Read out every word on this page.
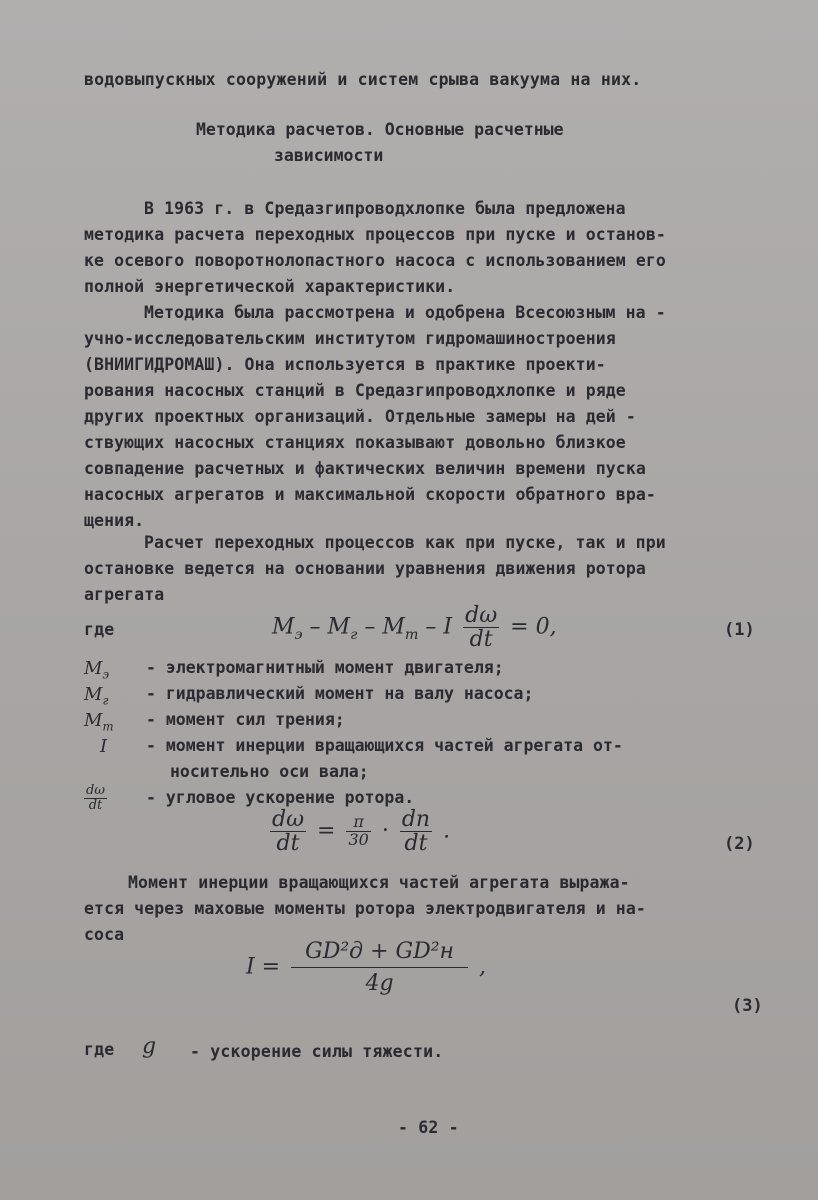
водовыпускных сооружений и систем срыва вакуума на них.
Методика расчетов. Основные расчетные
зависимости
В 1963 г. в Средазгипроводхлопке была предложена
методика расчета переходных процессов при пуске и останов-
ке осевого поворотнолопастного насоса с использованием его
полной энергетической характеристики.
Методика была рассмотрена и одобрена Всесоюзным на -
учно-исследовательским институтом гидромашиностроения
(ВНИИГИДРОМАШ). Она используется в практике проекти-
рования насосных станций в Средазгипроводхлопке и ряде
других проектных организаций. Отдельные замеры на дей -
ствующих насосных станциях показывают довольно близкое
совпадение расчетных и фактических величин времени пуска
насосных агрегатов и максимальной скорости обратного вра-
щения.
Расчет переходных процессов как при пуске, так и при
остановке ведется на основании уравнения движения ротора
агрегата
где	$M_э - M_г - M_т - I \frac{d\omega}{dt} = 0$,	(1)
$M_э$	- электромагнитный момент двигателя;
$M_г$	- гидравлический момент на валу насоса;
$M_т$	- момент сил трения;
I	- момент инерции вращающихся частей агрегата от-
носительно оси вала;
$\frac{d\omega}{dt}$ - угловое ускорение ротора.
$\frac{d\omega}{dt} = \frac{\pi}{30} \cdot \frac{dn}{dt}$ .
(2)
Момент инерции вращающихся частей агрегата выража-
ется через маховые моменты ротора электродвигателя и на-
соса
$I = \frac{\text{GD²д + GD²н}}{4g}$ ,
(3)
где g - ускорение силы тяжести.
- 62 -
